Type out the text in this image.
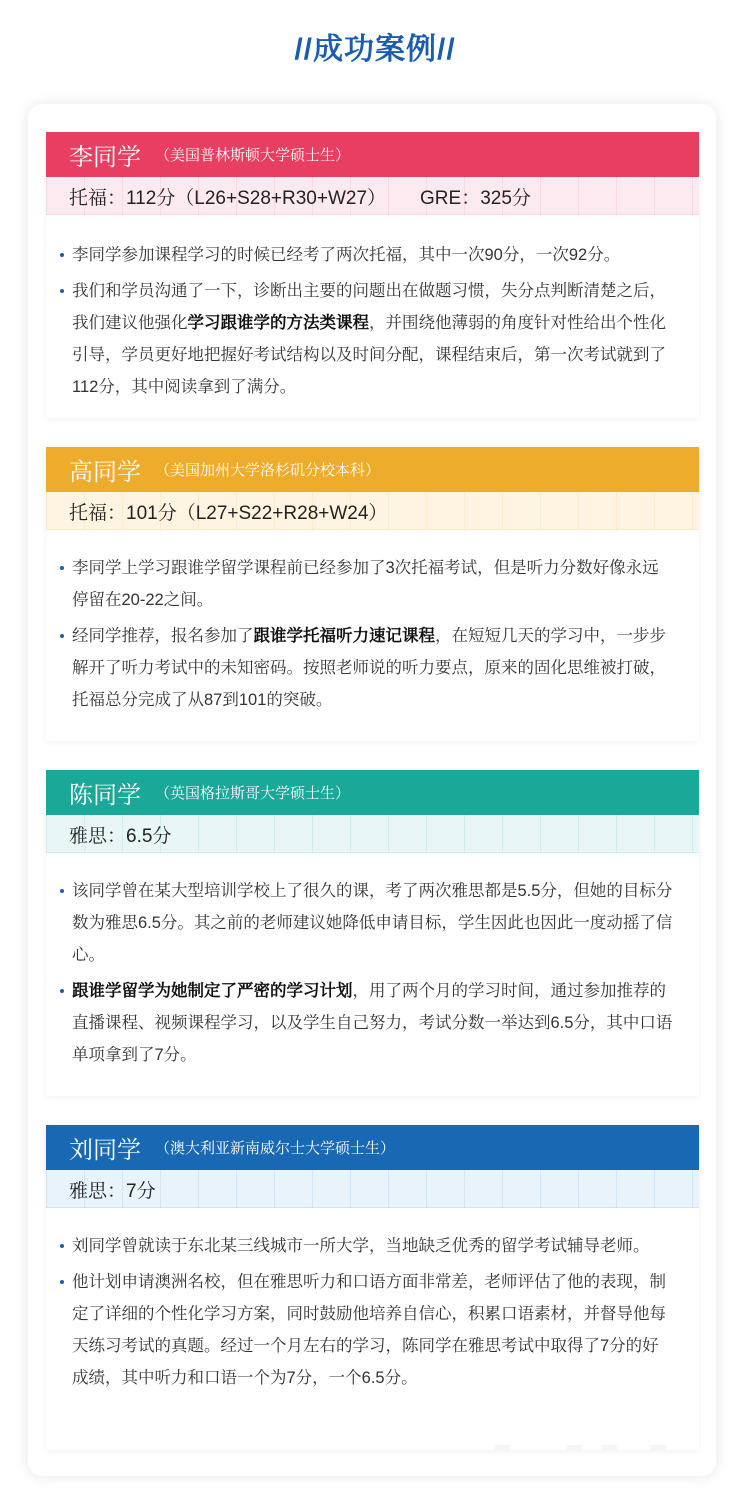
//成功案例//
李同学 （美国普林斯顿大学硕士生）
托福：112分（L26+S28+R30+W27） GRE：325分
李同学参加课程学习的时候已经考了两次托福，其中一次90分，一次92分。
我们和学员沟通了一下，诊断出主要的问题出在做题习惯，失分点判断清楚之后，我们建议他强化学习跟谁学的方法类课程，并围绕他薄弱的角度针对性给出个性化引导，学员更好地把握好考试结构以及时间分配，课程结束后，第一次考试就到了112分，其中阅读拿到了满分。
高同学 （美国加州大学洛杉矶分校本科）
托福：101分（L27+S22+R28+W24）
李同学上学习跟谁学留学课程前已经参加了3次托福考试，但是听力分数好像永远停留在20-22之间。
经同学推荐，报名参加了跟谁学托福听力速记课程，在短短几天的学习中，一步步解开了听力考试中的未知密码。按照老师说的听力要点，原来的固化思维被打破，托福总分完成了从87到101的突破。
陈同学 （英国格拉斯哥大学硕士生）
雅思：6.5分
该同学曾在某大型培训学校上了很久的课，考了两次雅思都是5.5分，但她的目标分数为雅思6.5分。其之前的老师建议她降低申请目标，学生因此也因此一度动摇了信心。
跟谁学留学为她制定了严密的学习计划，用了两个月的学习时间，通过参加推荐的直播课程、视频课程学习，以及学生自己努力，考试分数一举达到6.5分，其中口语单项拿到了7分。
刘同学 （澳大利亚新南威尔士大学硕士生）
雅思：7分
刘同学曾就读于东北某三线城市一所大学，当地缺乏优秀的留学考试辅导老师。
他计划申请澳洲名校，但在雅思听力和口语方面非常差，老师评估了他的表现，制定了详细的个性化学习方案，同时鼓励他培养自信心，积累口语素材，并督导他每天练习考试的真题。经过一个月左右的学习，陈同学在雅思考试中取得了7分的好成绩，其中听力和口语一个为7分，一个6.5分。
